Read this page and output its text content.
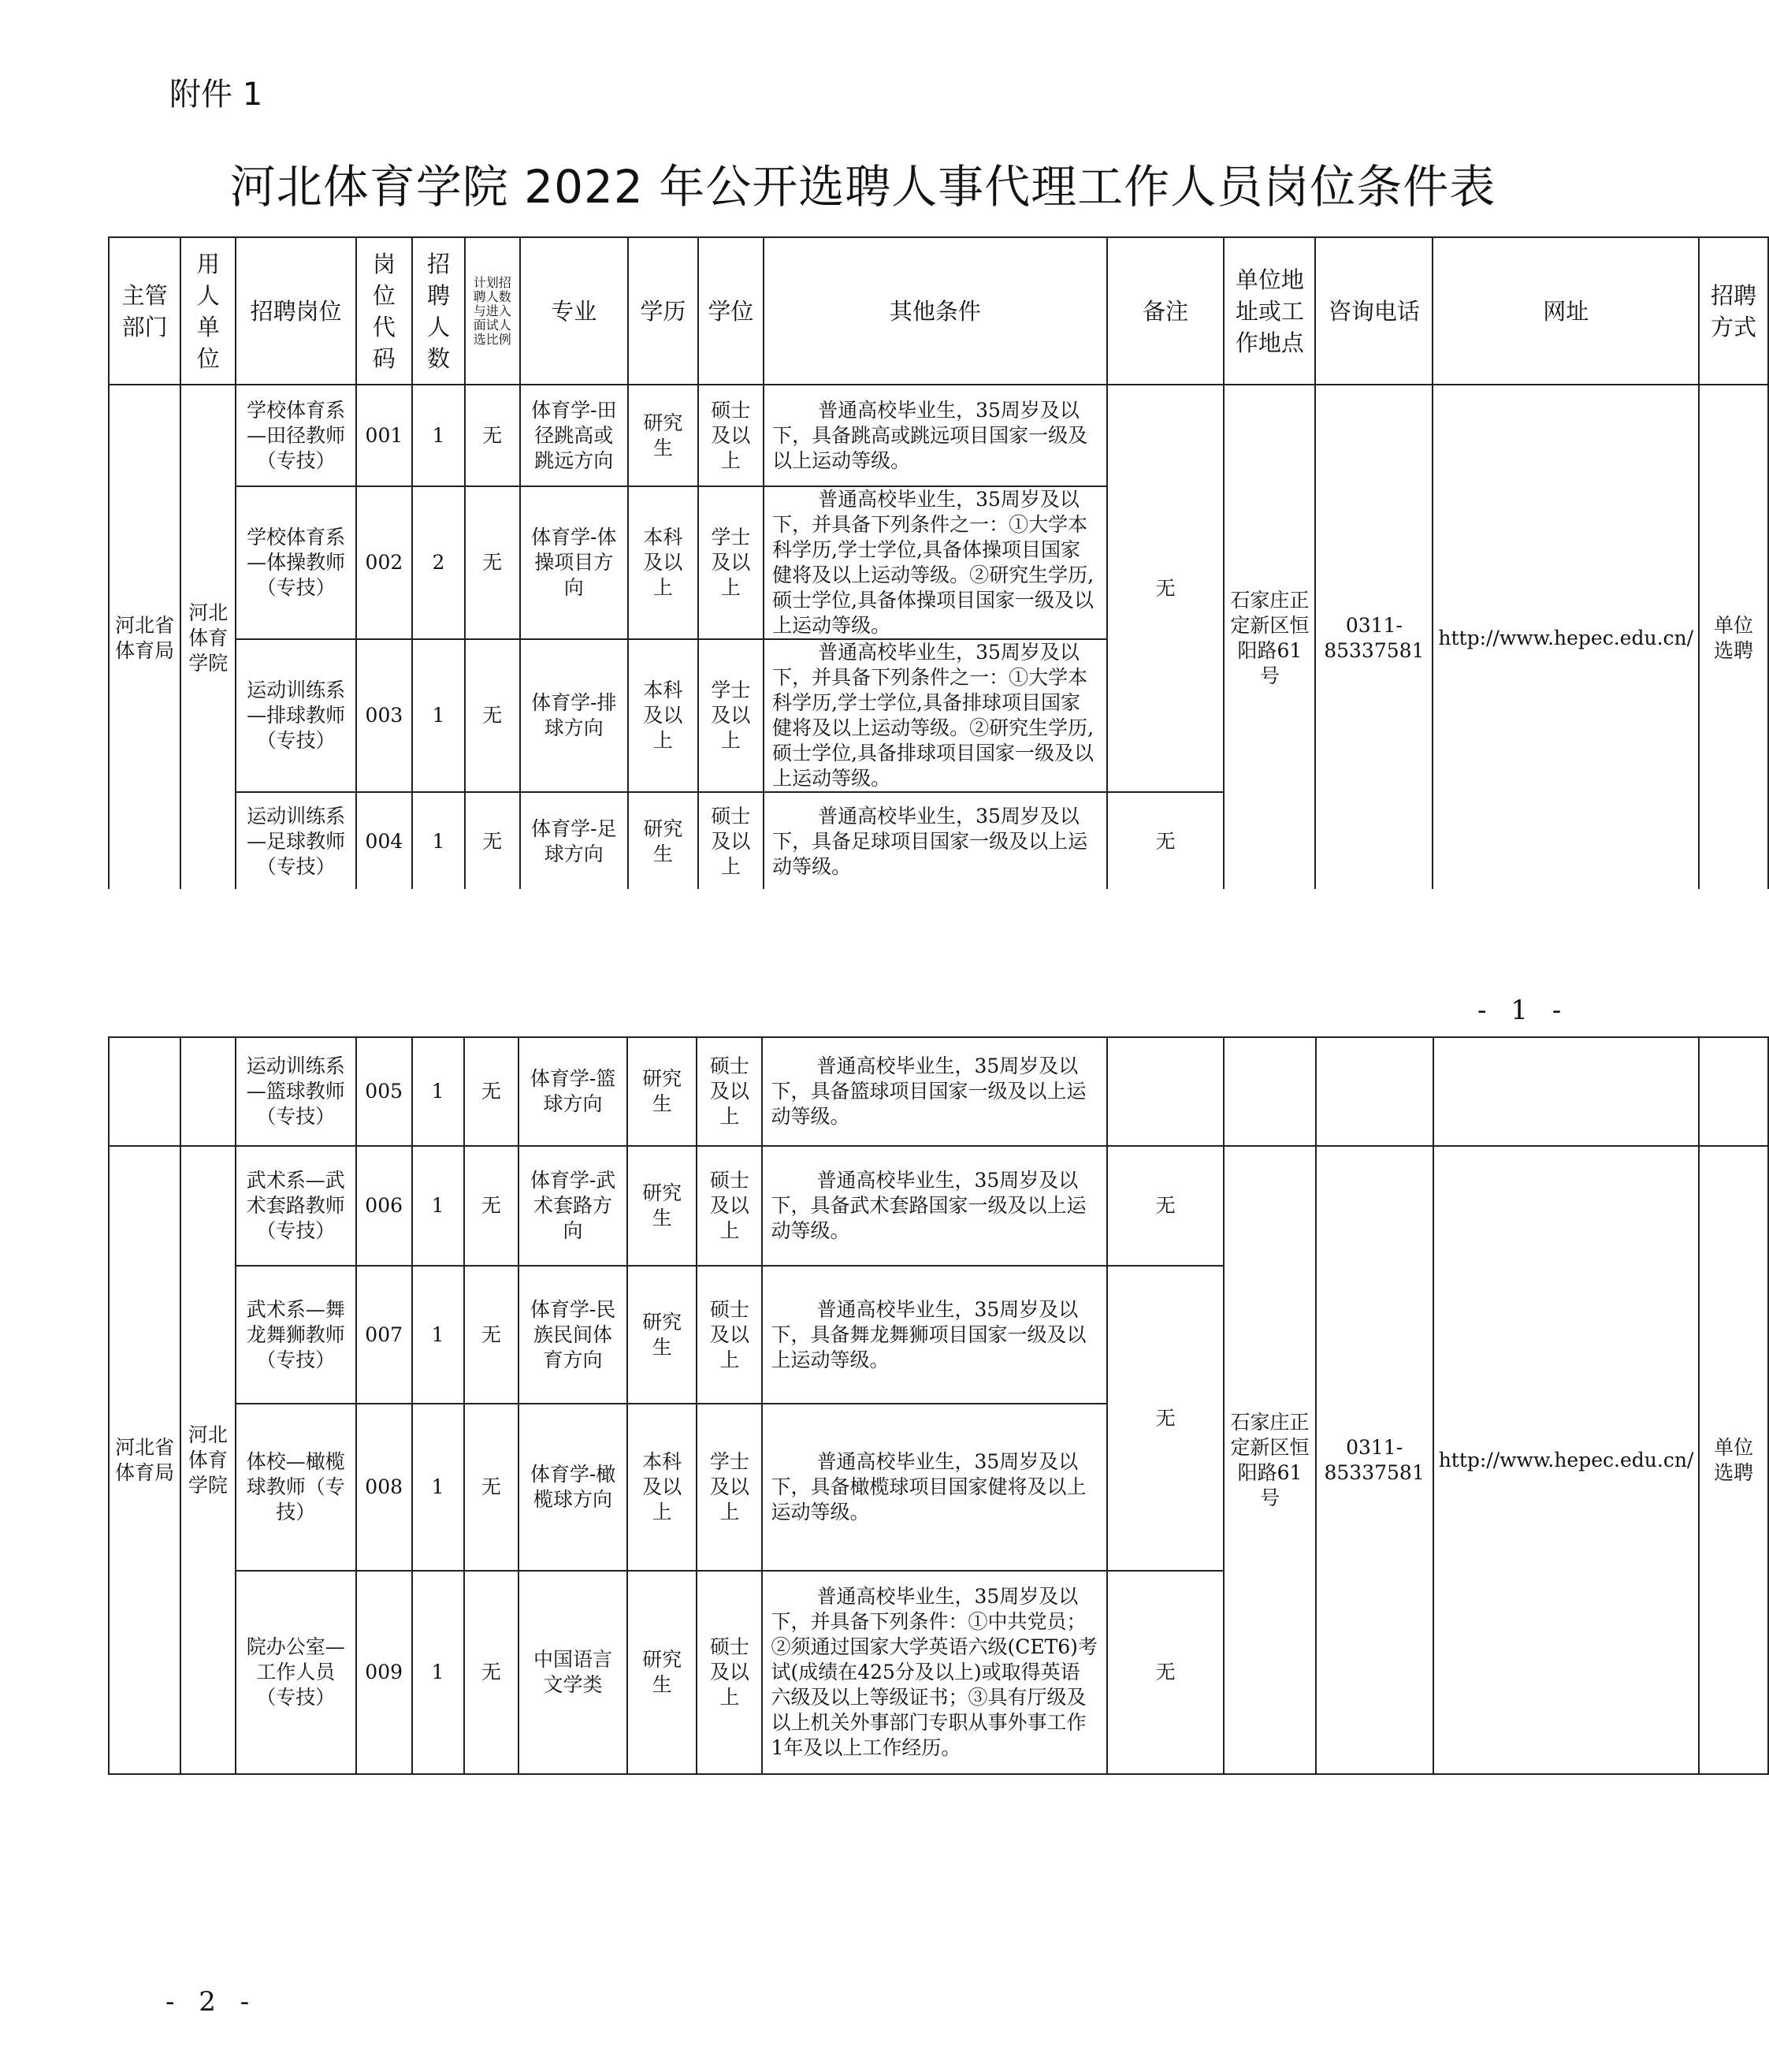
附件 1
河北体育学院 2022 年公开选聘人事代理工作人员岗位条件表
主管部门	用人单位	招聘岗位	岗位代码	招聘人数	计划招聘人数与进入面试人选比例	专业	学历	学位	其他条件	备注	单位地址或工作地点	咨询电话	网址	招聘方式
河北省体育局	河北体育学院	学校体育系—田径教师（专技）	001	1	无	体育学-田径跳高或跳远方向	研究生	硕士及以上	普通高校毕业生，35周岁及以下，具备跳高或跳远项目国家一级及以上运动等级。	无	石家庄正定新区恒阳路61号	0311-85337581	http://www.hepec.edu.cn/	单位选聘
		学校体育系—体操教师（专技）	002	2	无	体育学-体操项目方向	本科及以上	学士及以上	普通高校毕业生，35周岁及以下，并具备下列条件之一：①大学本科学历,学士学位,具备体操项目国家健将及以上运动等级。②研究生学历,硕士学位,具备体操项目国家一级及以上运动等级。					
		运动训练系—排球教师（专技）	003	1	无	体育学-排球方向	本科及以上	学士及以上	普通高校毕业生，35周岁及以下，并具备下列条件之一：①大学本科学历,学士学位,具备排球项目国家健将及以上运动等级。②研究生学历,硕士学位,具备排球项目国家一级及以上运动等级。					
		运动训练系—足球教师（专技）	004	1	无	体育学-足球方向	研究生	硕士及以上	普通高校毕业生，35周岁及以下，具备足球项目国家一级及以上运动等级。	无				
- 1 -
		运动训练系—篮球教师（专技）	005	1	无	体育学-篮球方向	研究生	硕士及以上	普通高校毕业生，35周岁及以下，具备篮球项目国家一级及以上运动等级。					
河北省体育局	河北体育学院	武术系—武术套路教师（专技）	006	1	无	体育学-武术套路方向	研究生	硕士及以上	普通高校毕业生，35周岁及以下，具备武术套路国家一级及以上运动等级。	无	石家庄正定新区恒阳路61号	0311-85337581	http://www.hepec.edu.cn/	单位选聘
		武术系—舞龙舞狮教师（专技）	007	1	无	体育学-民族民间体育方向	研究生	硕士及以上	普通高校毕业生，35周岁及以下，具备舞龙舞狮项目国家一级及以上运动等级。	无				
		体校—橄榄球教师（专技）	008	1	无	体育学-橄榄球方向	本科及以上	学士及以上	普通高校毕业生，35周岁及以下，具备橄榄球项目国家健将及以上运动等级。					
		院办公室—工作人员（专技）	009	1	无	中国语言文学类	研究生	硕士及以上	普通高校毕业生，35周岁及以下，并具备下列条件：①中共党员；②须通过国家大学英语六级(CET6)考试(成绩在425分及以上)或取得英语六级及以上等级证书；③具有厅级及以上机关外事部门专职从事外事工作1年及以上工作经历。	无				
- 2 -
